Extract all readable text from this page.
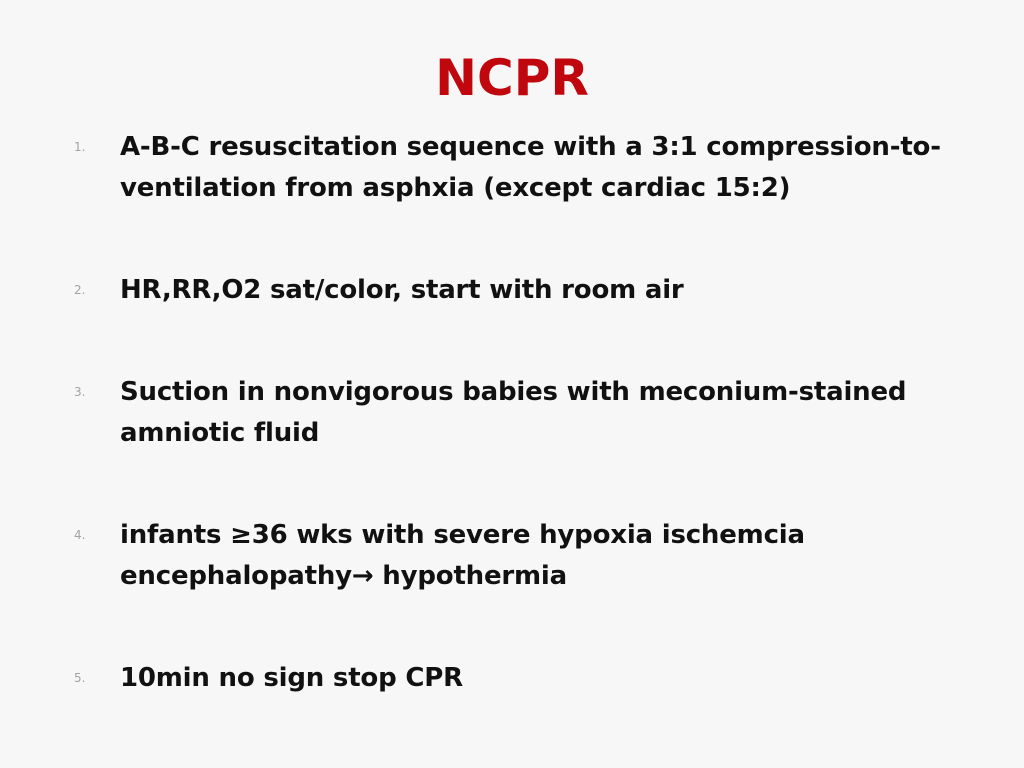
NCPR
1.	A-B-C resuscitation sequence with a 3:1 compression-to-
ventilation from asphxia (except cardiac 15:2)
2.	HR,RR,O2 sat/color, start with room air
3.	Suction in nonvigorous babies with meconium-stained
amniotic fluid
4.	infants ≥36 wks with severe hypoxia ischemcia
encephalopathy→ hypothermia
5.	10min no sign stop CPR
